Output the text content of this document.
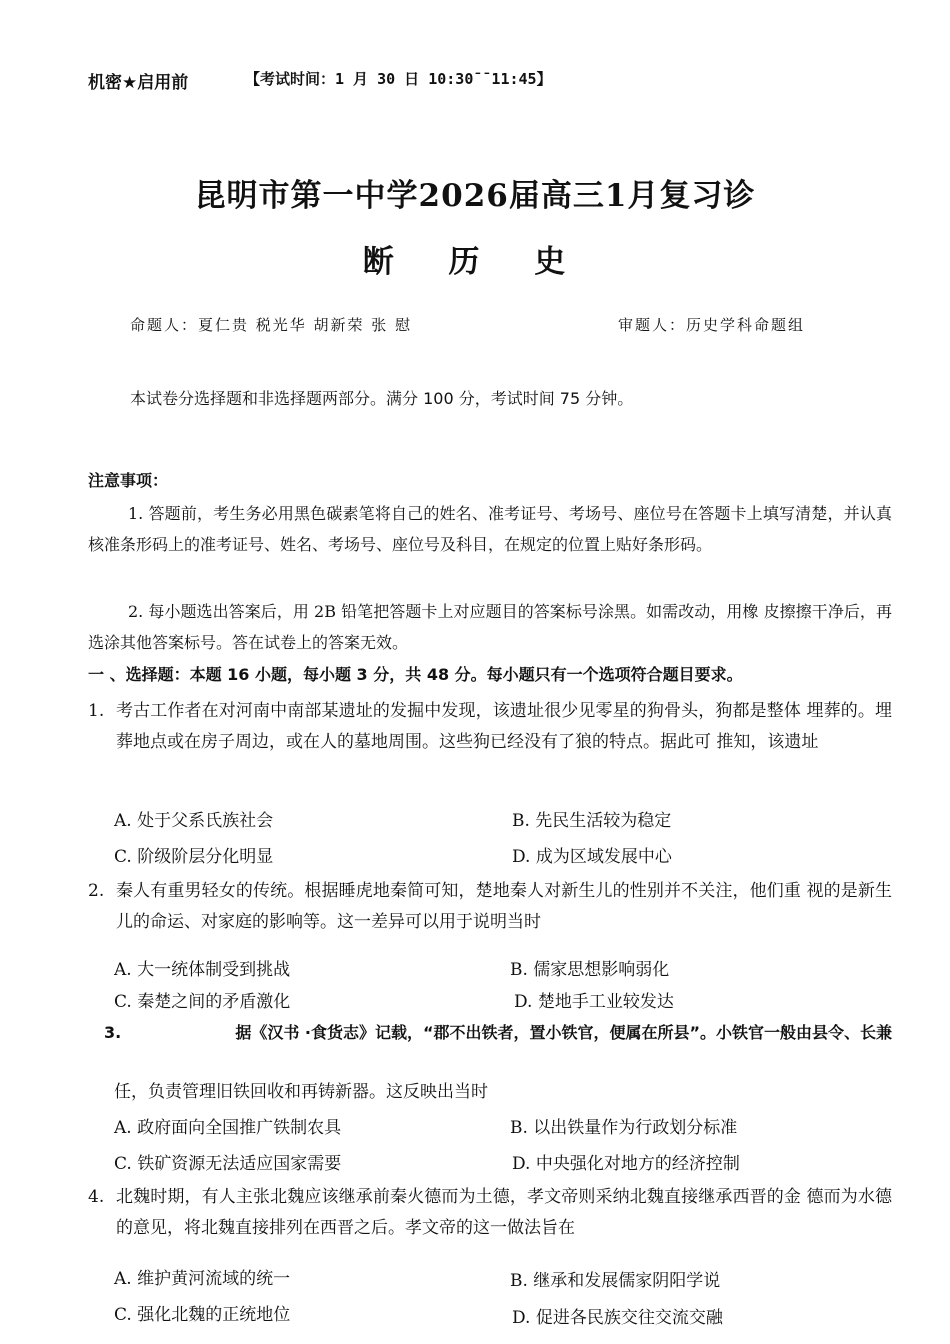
机密★启用前	【考试时间：1 月 30 日 10:30¯¯11:45】
昆明市第一中学2026届高三1月复习诊
断 历 史
命题人：夏仁贵 税光华 胡新荣 张 慰	审题人：历史学科命题组
本试卷分选择题和非选择题两部分。满分 100 分，考试时间 75 分钟。
注意事项：
1. 答题前，考生务必用黑色碳素笔将自己的姓名、准考证号、考场号、座位号在答题卡上填写清楚，并认真核准条形码上的准考证号、姓名、考场号、座位号及科目，在规定的位置上贴好条形码。
2. 每小题选出答案后，用 2B 铅笔把答题卡上对应题目的答案标号涂黑。如需改动，用橡 皮擦擦干净后，再选涂其他答案标号。答在试卷上的答案无效。
一 、选择题：本题 16 小题，每小题 3 分，共 48 分。每小题只有一个选项符合题目要求。
1. 考古工作者在对河南中南部某遗址的发掘中发现，该遗址很少见零星的狗骨头，狗都是整体 埋葬的。埋葬地点或在房子周边，或在人的墓地周围。这些狗已经没有了狼的特点。据此可 推知，该遗址
A. 处于父系氏族社会	B. 先民生活较为稳定
C. 阶级阶层分化明显	D. 成为区域发展中心
2. 秦人有重男轻女的传统。根据睡虎地秦简可知，楚地秦人对新生儿的性别并不关注，他们重 视的是新生儿的命运、对家庭的影响等。这一差异可以用于说明当时
A. 大一统体制受到挑战	B. 儒家思想影响弱化
C. 秦楚之间的矛盾激化	D. 楚地手工业较发达
3.	据《汉书 ·食货志》记载，“郡不出铁者，置小铁官，便属在所县”。小铁官一般由县令、长兼
任，负责管理旧铁回收和再铸新器。这反映出当时
A. 政府面向全国推广铁制农具	B. 以出铁量作为行政划分标准
C. 铁矿资源无法适应国家需要	D. 中央强化对地方的经济控制
4. 北魏时期，有人主张北魏应该继承前秦火德而为土德，孝文帝则采纳北魏直接继承西晋的金 德而为水德的意见，将北魏直接排列在西晋之后。孝文帝的这一做法旨在
A. 维护黄河流域的统一	B. 继承和发展儒家阴阳学说
C. 强化北魏的正统地位	D. 促进各民族交往交流交融
